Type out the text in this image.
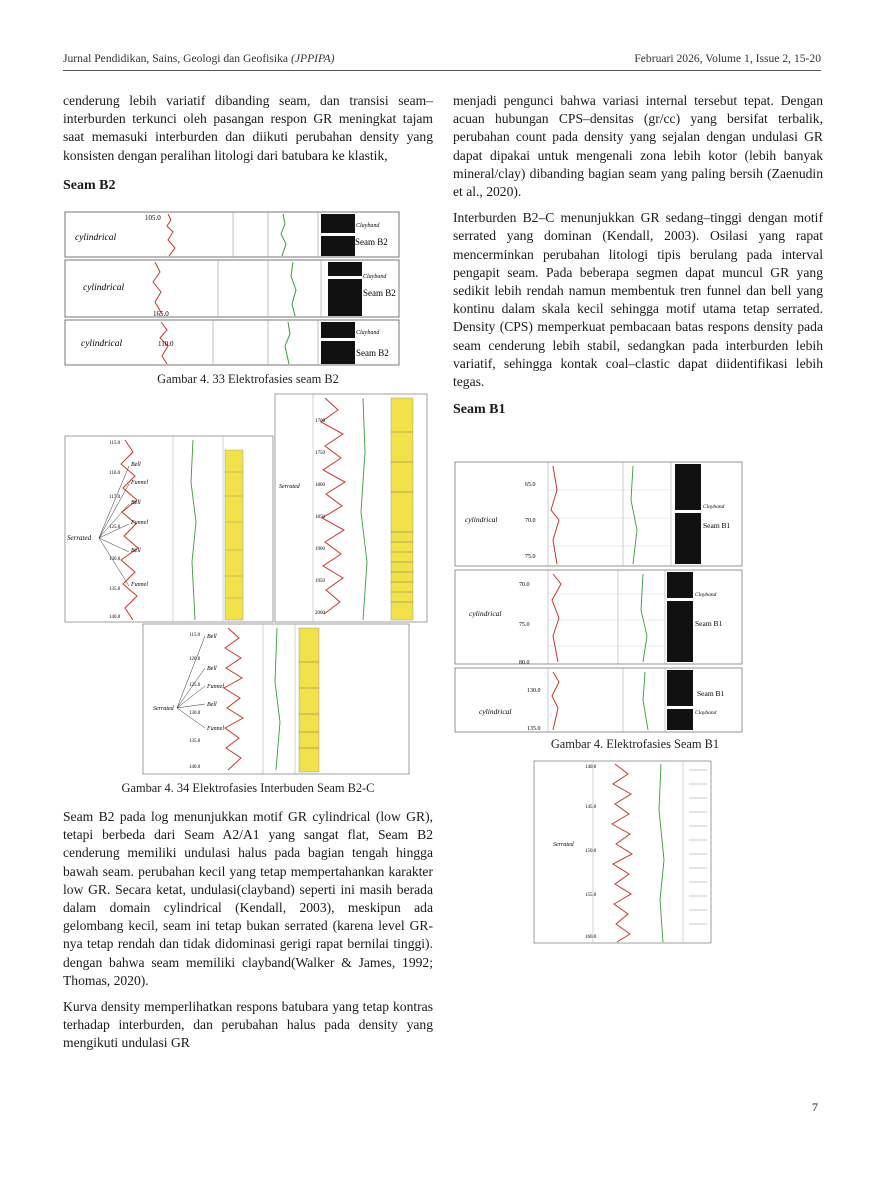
Jurnal Pendidikan, Sains, Geologi dan Geofisika (JPPIPA)	Februari 2026, Volume 1, Issue 2, 15-20

cenderung lebih variatif dibanding seam, dan transisi seam–interburden terkunci oleh pasangan respon GR meningkat tajam saat memasuki interburden dan diikuti perubahan density yang konsisten dengan peralihan litologi dari batubara ke klastik,

Seam B2

cylindrical
105.0
Clayband
Seam B2
cylindrical
165.0
Clayband
Seam B2
cylindrical	110.0
Clayband
Seam B2
Gambar 4. 33 Elektrofasies seam B2
Serrated
Bell
Funnel
Bell
Funnel
Bell
Funnel
115.0
116.0
117.0
125.0
130.0
135.0
140.0
Serrated
1700
1750
1800
1850
1900
1950
2000
Serrated
Bell
Bell
Funnel
Bell
Funnel
115.0
120.0
125.0
130.0
135.0
140.0
Gambar 4. 34 Elektrofasies Interbuden Seam B2-C

Seam B2 pada log menunjukkan motif GR cylindrical (low GR), tetapi berbeda dari Seam A2/A1 yang sangat flat, Seam B2 cenderung memiliki undulasi halus pada bagian tengah hingga bawah seam. perubahan kecil yang tetap mempertahankan karakter low GR. Secara ketat, undulasi(clayband) seperti ini masih berada dalam domain cylindrical (Kendall, 2003), meskipun ada gelombang kecil, seam ini tetap bukan serrated (karena level GR-nya tetap rendah dan tidak didominasi gerigi rapat bernilai tinggi). dengan bahwa seam memiliki clayband(Walker & James, 1992; Thomas, 2020).

Kurva density memperlihatkan respons batubara yang tetap kontras terhadap interburden, dan perubahan halus pada density yang mengikuti undulasi GR

menjadi pengunci bahwa variasi internal tersebut tepat. Dengan acuan hubungan CPS–densitas (gr/cc) yang bersifat terbalik, perubahan count pada density yang sejalan dengan undulasi GR dapat dipakai untuk mengenali zona lebih kotor (lebih banyak mineral/clay) dibanding bagian seam yang paling bersih (Zaenudin et al., 2020).

Interburden B2–C menunjukkan GR sedang–tinggi dengan motif serrated yang dominan (Kendall, 2003). Osilasi yang rapat mencerminkan perubahan litologi tipis berulang pada interval pengapit seam. Pada beberapa segmen dapat muncul GR yang sedikit lebih rendah namun membentuk tren funnel dan bell yang kontinu dalam skala kecil sehingga motif utama tetap serrated. Density (CPS) memperkuat pembacaan batas respons density pada seam cenderung lebih stabil, sedangkan pada interburden lebih variatif, sehingga kontak coal–clastic dapat diidentifikasi lebih tegas.

Seam B1

cylindrical
65.0
70.0
75.0
Clayband
Seam B1
cylindrical
70.0
75.0
80.0
Clayband
Seam B1
cylindrical
130.0
135.0
Clayband
Seam B1
Gambar 4. Elektrofasies Seam B1
Serrated
140.0
145.0
150.0
155.0
160.0
7
